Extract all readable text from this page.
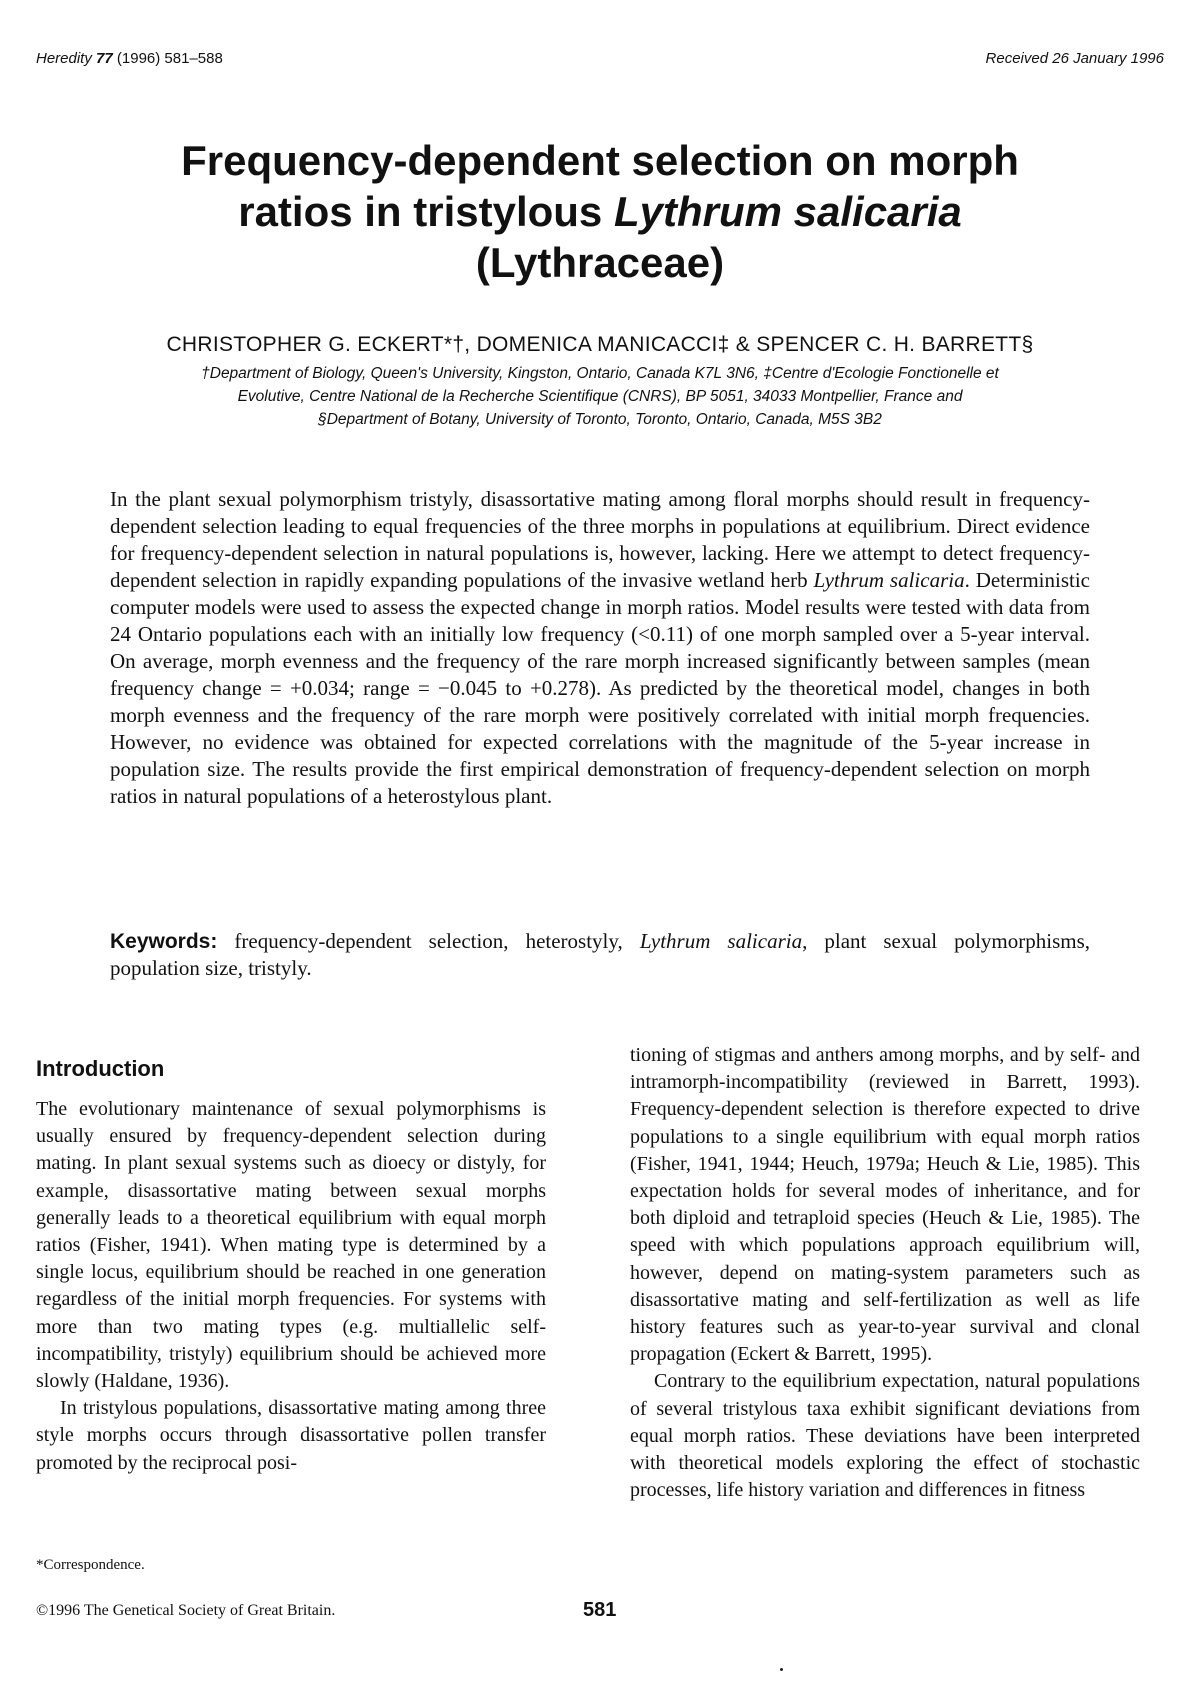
Heredity 77 (1996) 581–588	Received 26 January 1996
Frequency-dependent selection on morph
ratios in tristylous Lythrum salicaria
(Lythraceae)
CHRISTOPHER G. ECKERT*†, DOMENICA MANICACCI‡ & SPENCER C. H. BARRETT§
†Department of Biology, Queen's University, Kingston, Ontario, Canada K7L 3N6, ‡Centre d'Ecologie Fonctionelle et
Evolutive, Centre National de la Recherche Scientifique (CNRS), BP 5051, 34033 Montpellier, France and
§Department of Botany, University of Toronto, Toronto, Ontario, Canada, M5S 3B2
In the plant sexual polymorphism tristyly, disassortative mating among floral morphs should result in frequency-dependent selection leading to equal frequencies of the three morphs in populations at equilibrium. Direct evidence for frequency-dependent selection in natural populations is, however, lacking. Here we attempt to detect frequency-dependent selection in rapidly expanding populations of the invasive wetland herb Lythrum salicaria. Deterministic computer models were used to assess the expected change in morph ratios. Model results were tested with data from 24 Ontario populations each with an initially low frequency (<0.11) of one morph sampled over a 5-year interval. On average, morph evenness and the frequency of the rare morph increased significantly between samples (mean frequency change = +0.034; range = −0.045 to +0.278). As predicted by the theoretical model, changes in both morph evenness and the frequency of the rare morph were positively correlated with initial morph frequencies. However, no evidence was obtained for expected correlations with the magnitude of the 5-year increase in population size. The results provide the first empirical demonstration of frequency-dependent selection on morph ratios in natural populations of a heterostylous plant.
Keywords: frequency-dependent selection, heterostyly, Lythrum salicaria, plant sexual polymorphisms, population size, tristyly.
Introduction

The evolutionary maintenance of sexual polymorphisms is usually ensured by frequency-dependent selection during mating. In plant sexual systems such as dioecy or distyly, for example, disassortative mating between sexual morphs generally leads to a theoretical equilibrium with equal morph ratios (Fisher, 1941). When mating type is determined by a single locus, equilibrium should be reached in one generation regardless of the initial morph frequencies. For systems with more than two mating types (e.g. multiallelic self-incompatibility, tristyly) equilibrium should be achieved more slowly (Haldane, 1936).

In tristylous populations, disassortative mating among three style morphs occurs through disassortative pollen transfer promoted by the reciprocal posi-

tioning of stigmas and anthers among morphs, and by self- and intramorph-incompatibility (reviewed in Barrett, 1993). Frequency-dependent selection is therefore expected to drive populations to a single equilibrium with equal morph ratios (Fisher, 1941, 1944; Heuch, 1979a; Heuch & Lie, 1985). This expectation holds for several modes of inheritance, and for both diploid and tetraploid species (Heuch & Lie, 1985). The speed with which populations approach equilibrium will, however, depend on mating-system parameters such as disassortative mating and self-fertilization as well as life history features such as year-to-year survival and clonal propagation (Eckert & Barrett, 1995).

Contrary to the equilibrium expectation, natural populations of several tristylous taxa exhibit significant deviations from equal morph ratios. These deviations have been interpreted with theoretical models exploring the effect of stochastic processes, life history variation and differences in fitness

*Correspondence.
©1996 The Genetical Society of Great Britain.	581
